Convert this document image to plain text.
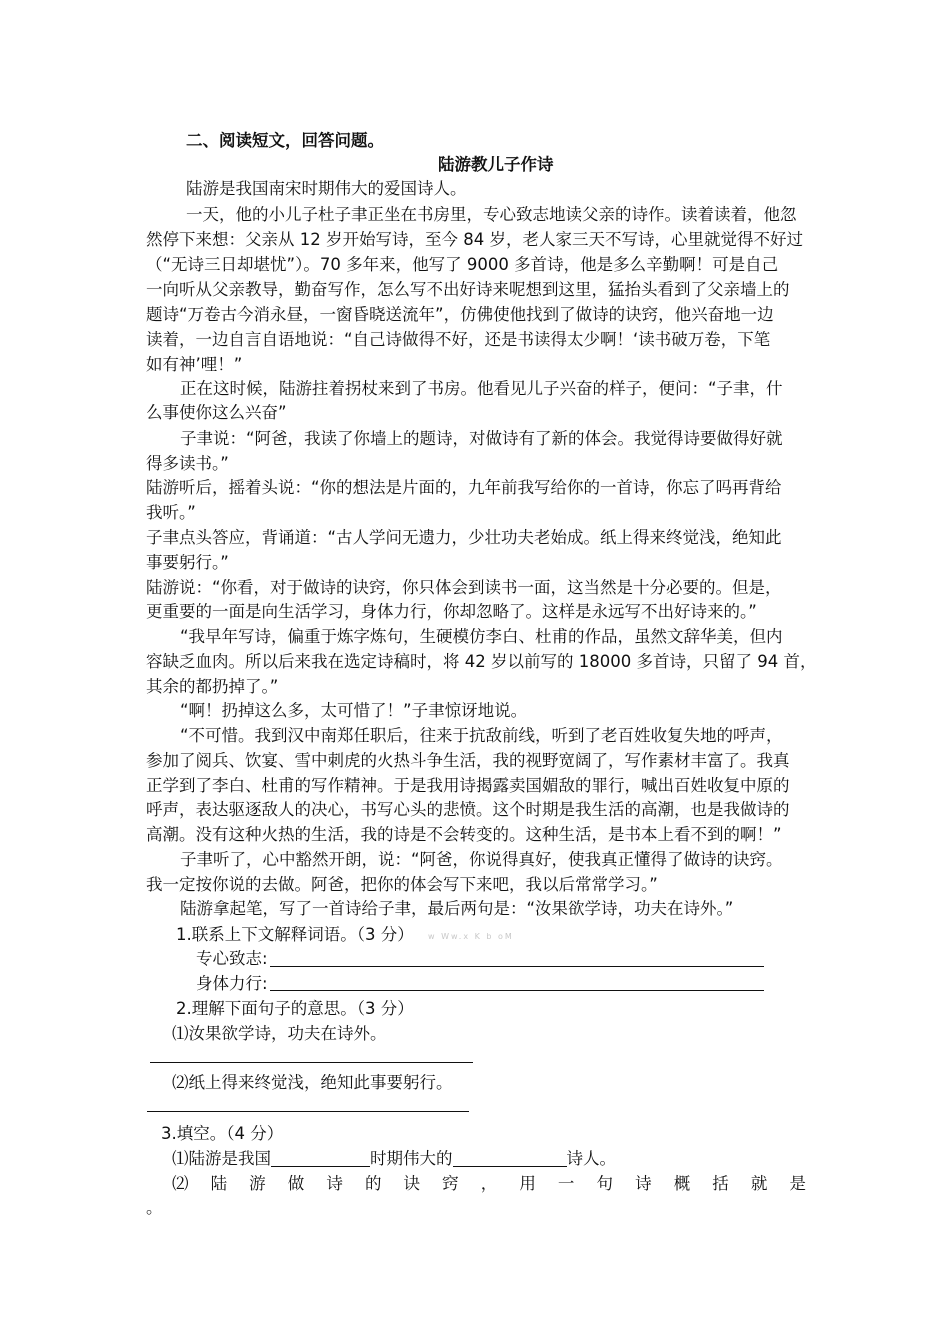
二、阅读短文，回答问题。
陆游教儿子作诗
陆游是我国南宋时期伟大的爱国诗人。
一天，他的小儿子杜子聿正坐在书房里，专心致志地读父亲的诗作。读着读着，他忽
然停下来想：父亲从 12 岁开始写诗，至今 84 岁，老人家三天不写诗，心里就觉得不好过
（“无诗三日却堪忧”）。70 多年来，他写了 9000 多首诗，他是多么辛勤啊！可是自己
一向听从父亲教导，勤奋写作，怎么写不出好诗来呢想到这里，猛抬头看到了父亲墙上的
题诗“万卷古今消永昼，一窗昏晓送流年”，仿佛使他找到了做诗的诀窍，他兴奋地一边
读着，一边自言自语地说：“自己诗做得不好，还是书读得太少啊！‘读书破万卷，下笔
如有神’哩！”
正在这时候，陆游拄着拐杖来到了书房。他看见儿子兴奋的样子，便问：“子聿，什
么事使你这么兴奋”
子聿说：“阿爸，我读了你墙上的题诗，对做诗有了新的体会。我觉得诗要做得好就
得多读书。”
陆游听后，摇着头说：“你的想法是片面的，九年前我写给你的一首诗，你忘了吗再背给
我听。”
子聿点头答应，背诵道：“古人学问无遗力，少壮功夫老始成。纸上得来终觉浅，绝知此
事要躬行。”
陆游说：“你看，对于做诗的诀窍，你只体会到读书一面，这当然是十分必要的。但是，
更重要的一面是向生活学习，身体力行，你却忽略了。这样是永远写不出好诗来的。”
“我早年写诗，偏重于炼字炼句，生硬模仿李白、杜甫的作品，虽然文辞华美，但内
容缺乏血肉。所以后来我在选定诗稿时，将 42 岁以前写的 18000 多首诗，只留了 94 首，
其余的都扔掉了。”
“啊！扔掉这么多，太可惜了！”子聿惊讶地说。
“不可惜。我到汉中南郑任职后，往来于抗敌前线，听到了老百姓收复失地的呼声，
参加了阅兵、饮宴、雪中刺虎的火热斗争生活，我的视野宽阔了，写作素材丰富了。我真
正学到了李白、杜甫的写作精神。于是我用诗揭露卖国媚敌的罪行，喊出百姓收复中原的
呼声，表达驱逐敌人的决心，书写心头的悲愤。这个时期是我生活的高潮，也是我做诗的
高潮。没有这种火热的生活，我的诗是不会转变的。这种生活，是书本上看不到的啊！”
子聿听了，心中豁然开朗，说：“阿爸，你说得真好，使我真正懂得了做诗的诀窍。
我一定按你说的去做。阿爸，把你的体会写下来吧，我以后常常学习。”
陆游拿起笔，写了一首诗给子聿，最后两句是：“汝果欲学诗，功夫在诗外。”
1.联系上下文解释词语。（3 分） w Ww.x K b oM
专心致志:
身体力行:
2.理解下面句子的意思。（3 分）
⑴汝果欲学诗，功夫在诗外。
⑵纸上得来终觉浅，绝知此事要躬行。
3.填空。（4 分）
⑴陆游是我国	时期伟大的	诗人。
⑵ 陆 游 做 诗 的 诀 窍 ， 用 一 句 诗 概 括 就 是
。
